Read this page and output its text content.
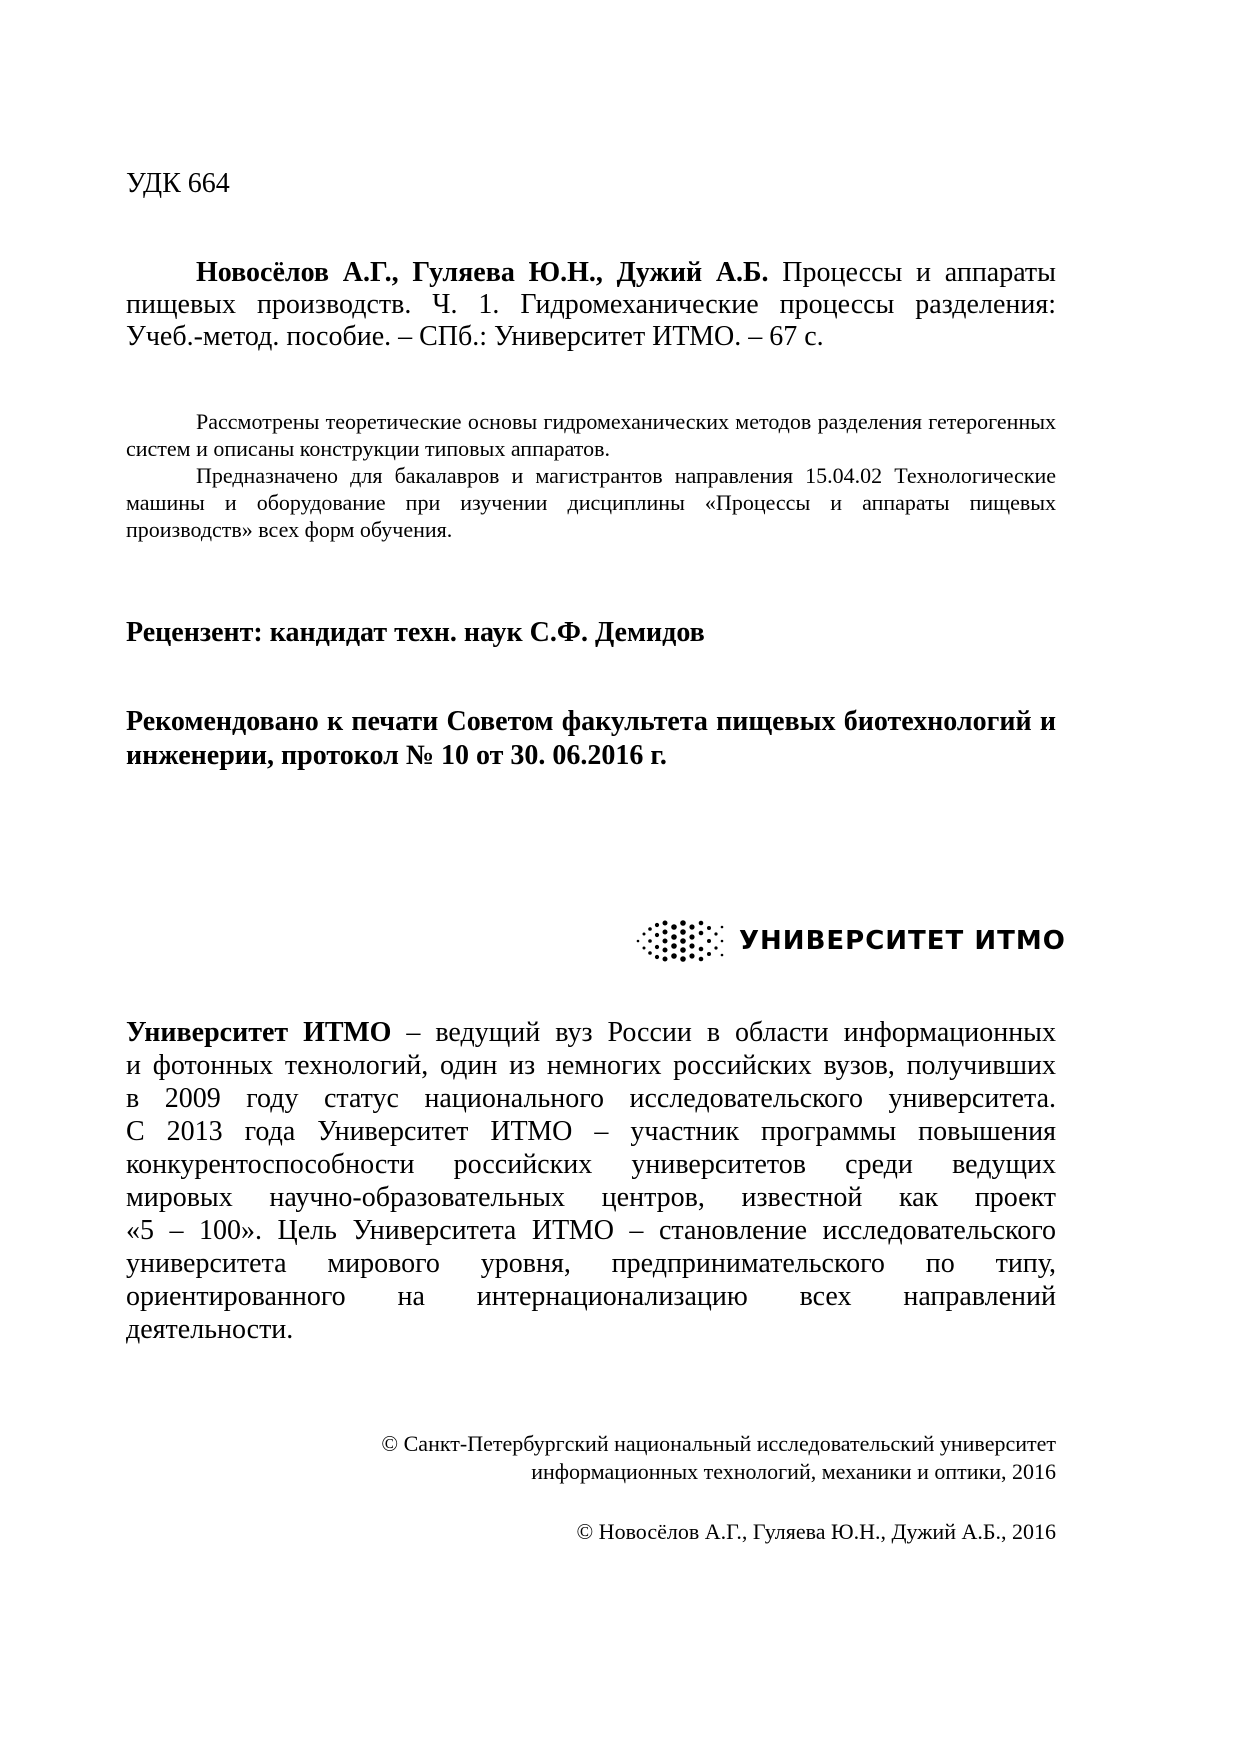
УДК 664
Новосёлов А.Г., Гуляева Ю.Н., Дужий А.Б. Процессы и аппараты пищевых производств. Ч. 1. Гидромеханические процессы разделения: Учеб.-метод. пособие. – СПб.: Университет ИТМО. – 67 с.

Рассмотрены теоретические основы гидромеханических методов разделения гетерогенных систем и описаны конструкции типовых аппаратов.

Предназначено для бакалавров и магистрантов направления 15.04.02 Технологические машины и оборудование при изучении дисциплины «Процессы и аппараты пищевых производств» всех форм обучения.

Рецензент: кандидат техн. наук С.Ф. Демидов
Рекомендовано к печати Советом факультета пищевых биотехнологий и инженерии, протокол № 10 от 30. 06.2016 г.
УНИВЕРСИТЕТ ИТМО
Университет ИТМО – ведущий вуз России в области информационных
и фотонных технологий, один из немногих российских вузов, получивших
в 2009 году статус национального исследовательского университета.
С 2013 года Университет ИТМО – участник программы повышения
конкурентоспособности российских университетов среди ведущих
мировых научно-образовательных центров, известной как проект
«5 – 100». Цель Университета ИТМО – становление исследовательского
университета мирового уровня, предпринимательского по типу,
ориентированного на интернационализацию всех направлений
деятельности.
© Санкт-Петербургский национальный исследовательский университет
информационных технологий, механики и оптики, 2016
© Новосёлов А.Г., Гуляева Ю.Н., Дужий А.Б., 2016
